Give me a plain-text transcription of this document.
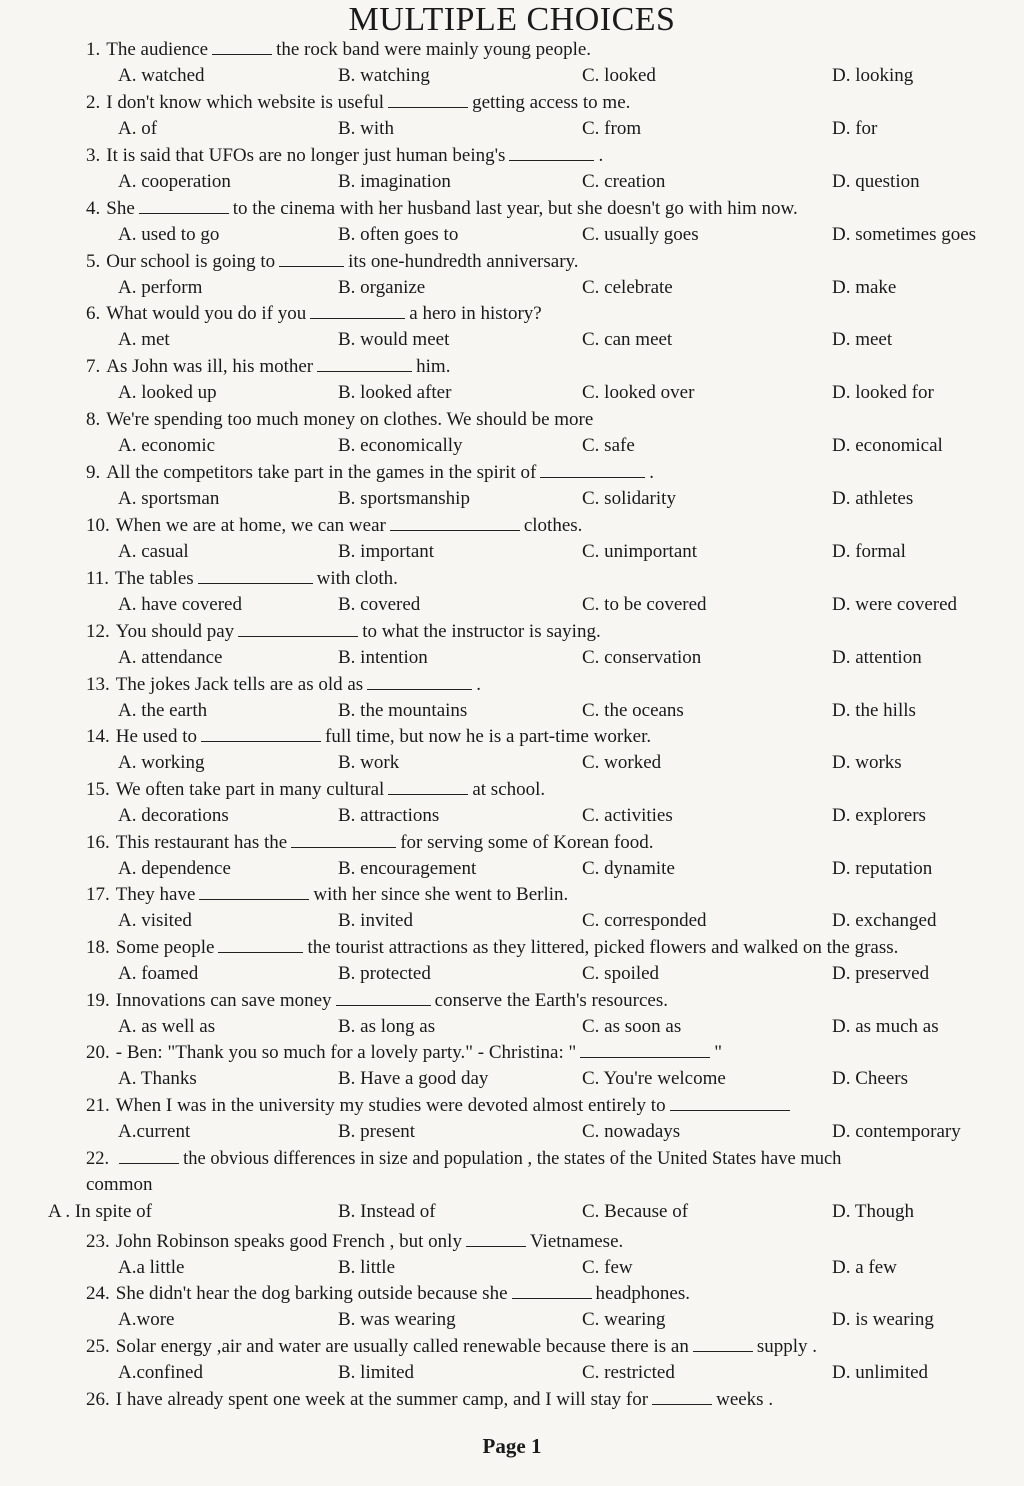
MULTIPLE CHOICES
1. The audience	the rock band were mainly young people.
A. watched	B. watching	C. looked	D. looking
2. I don't know which website is useful	getting access to me.
A. of	B. with	C. from	D. for
3. It is said that UFOs are no longer just human being's	.
A. cooperation	B. imagination	C. creation	D. question
4. She	to the cinema with her husband last year, but she doesn't go with him now.
A. used to go	B. often goes to	C. usually goes	D. sometimes goes
5. Our school is going to	its one-hundredth anniversary.
A. perform	B. organize	C. celebrate	D. make
6. What would you do if you	a hero in history?
A. met	B. would meet	C. can meet	D. meet
7. As John was ill, his mother	him.
A. looked up	B. looked after	C. looked over	D. looked for
8. We're spending too much money on clothes. We should be more
A. economic	B. economically	C. safe	D. economical
9. All the competitors take part in the games in the spirit of	.
A. sportsman	B. sportsmanship	C. solidarity	D. athletes
10. When we are at home, we can wear	clothes.
A. casual	B. important	C. unimportant	D. formal
11. The tables	with cloth.
A. have covered	B. covered	C. to be covered	D. were covered
12. You should pay	to what the instructor is saying.
A. attendance	B. intention	C. conservation	D. attention
13. The jokes Jack tells are as old as	.
A. the earth	B. the mountains	C. the oceans	D. the hills
14. He used to	full time, but now he is a part-time worker.
A. working	B. work	C. worked	D. works
15. We often take part in many cultural	at school.
A. decorations	B. attractions	C. activities	D. explorers
16. This restaurant has the	for serving some of Korean food.
A. dependence	B. encouragement	C. dynamite	D. reputation
17. They have	with her since she went to Berlin.
A. visited	B. invited	C. corresponded	D. exchanged
18. Some people	the tourist attractions as they littered, picked flowers and walked on the grass.
A. foamed	B. protected	C. spoiled	D. preserved
19. Innovations can save money	conserve the Earth's resources.
A. as well as	B. as long as	C. as soon as	D. as much as
20. - Ben: "Thank you so much for a lovely party." - Christina: "	"
A. Thanks	B. Have a good day	C. You're welcome	D. Cheers
21. When I was in the university my studies were devoted almost entirely to
A.current	B. present	C. nowadays	D. contemporary
22.	the obvious differences in size and population , the states of the United States have much
common
A . In spite of	B. Instead of	C. Because of	D. Though
23. John Robinson speaks good French , but only	Vietnamese.
A.a little	B. little	C. few	D. a few
24. She didn't hear the dog barking outside because she	headphones.
A.wore	B. was wearing	C. wearing	D. is wearing
25. Solar energy ,air and water are usually called renewable because there is an	supply .
A.confined	B. limited	C. restricted	D. unlimited
26. I have already spent one week at the summer camp, and I will stay for	weeks .
Page 1
